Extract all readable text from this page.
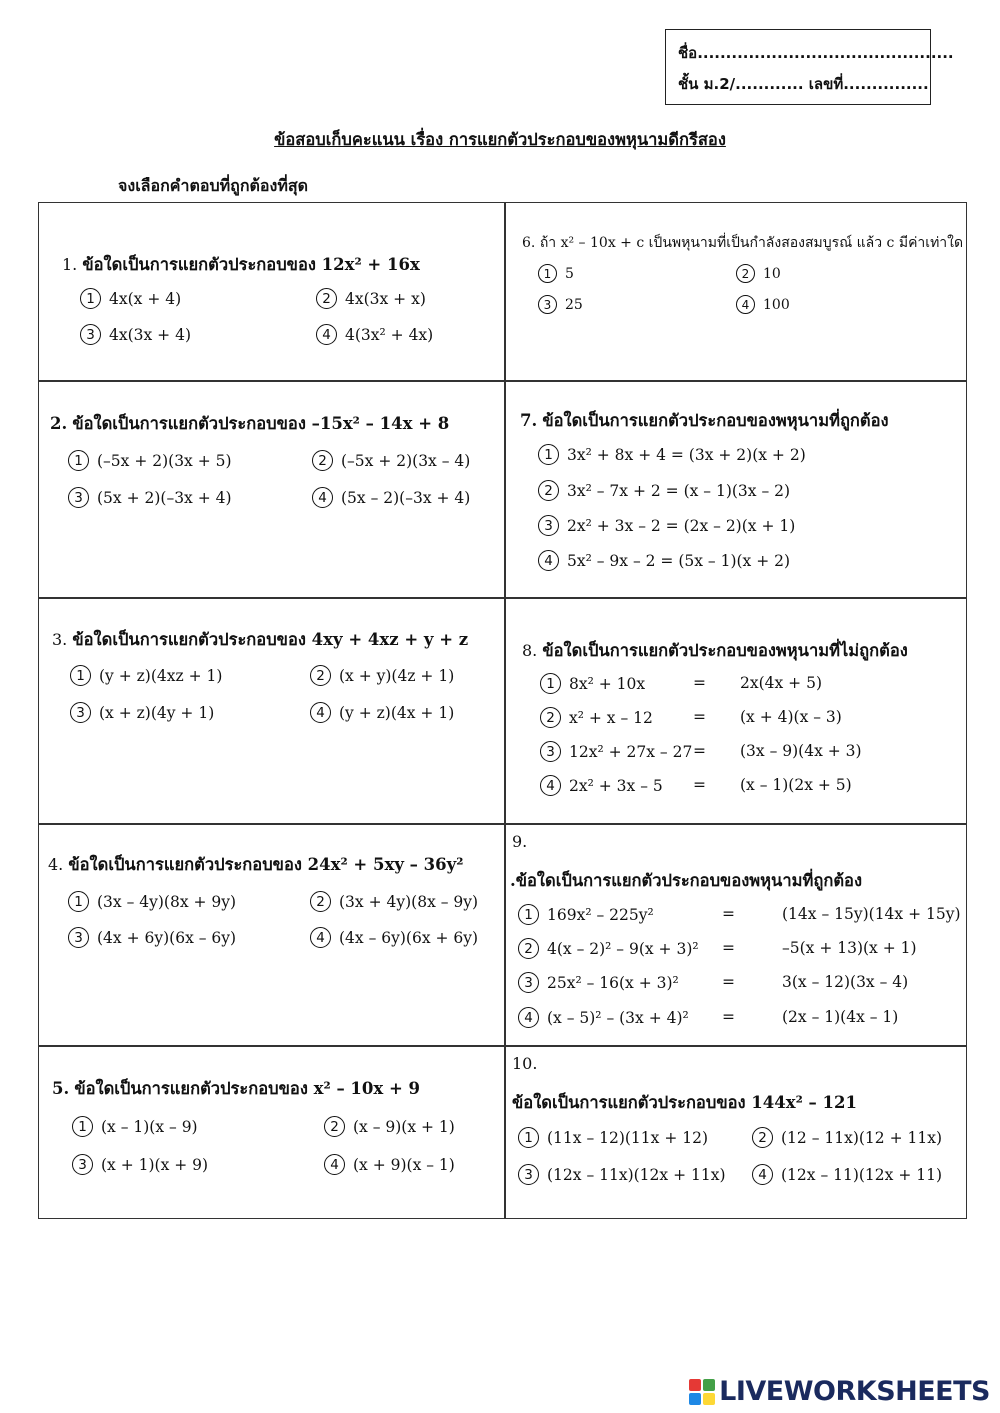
ชื่อ.............................................
ชั้น ม.2/............ เลขที่...............
ข้อสอบเก็บคะแนน เรื่อง การแยกตัวประกอบของพหุนามดีกรีสอง
จงเลือกคำตอบที่ถูกต้องที่สุด
1. ข้อใดเป็นการแยกตัวประกอบของ 12x² + 16x
1 4x(x + 4)	2 4x(3x + x)
3 4x(3x + 4)	4 4(3x² + 4x)
2. ข้อใดเป็นการแยกตัวประกอบของ –15x² – 14x + 8
1 (–5x + 2)(3x + 5)	2 (–5x + 2)(3x – 4)
3 (5x + 2)(–3x + 4)	4 (5x – 2)(–3x + 4)
3. ข้อใดเป็นการแยกตัวประกอบของ 4xy + 4xz + y + z
1 (y + z)(4xz + 1)	2 (x + y)(4z + 1)
3 (x + z)(4y + 1)	4 (y + z)(4x + 1)
4. ข้อใดเป็นการแยกตัวประกอบของ 24x² + 5xy – 36y²
1 (3x – 4y)(8x + 9y)	2 (3x + 4y)(8x – 9y)
3 (4x + 6y)(6x – 6y)	4 (4x – 6y)(6x + 6y)
5. ข้อใดเป็นการแยกตัวประกอบของ x² – 10x + 9
1 (x – 1)(x – 9)	2 (x – 9)(x + 1)
3 (x + 1)(x + 9)	4 (x + 9)(x – 1)
6. ถ้า x² – 10x + c เป็นพหุนามที่เป็นกำลังสองสมบูรณ์ แล้ว c มีค่าเท่าใด
1 5	2 10
3 25	4 100
7. ข้อใดเป็นการแยกตัวประกอบของพหุนามที่ถูกต้อง
1 3x² + 8x + 4 = (3x + 2)(x + 2)
2 3x² – 7x + 2 = (x – 1)(3x – 2)
3 2x² + 3x – 2 = (2x – 2)(x + 1)
4 5x² – 9x – 2 = (5x – 1)(x + 2)
8. ข้อใดเป็นการแยกตัวประกอบของพหุนามที่ไม่ถูกต้อง
1 8x² + 10x	= 2x(4x + 5)
2 x² + x – 12	= (x + 4)(x – 3)
3 12x² + 27x – 27 = (3x – 9)(4x + 3)
4 2x² + 3x – 5 = (x – 1)(2x + 5)
9.
.ข้อใดเป็นการแยกตัวประกอบของพหุนามที่ถูกต้อง
1 169x² – 225y²	=	(14x – 15y)(14x + 15y)
2 4(x – 2)² – 9(x + 3)² =	–5(x + 13)(x + 1)
3 25x² – 16(x + 3)²	=	3(x – 12)(3x – 4)
4 (x – 5)² – (3x + 4)² =	(2x – 1)(4x – 1)
10.
ข้อใดเป็นการแยกตัวประกอบของ 144x² – 121
1 (11x – 12)(11x + 12)	2 (12 – 11x)(12 + 11x)
3 (12x – 11x)(12x + 11x)	4 (12x – 11)(12x + 11)
LIVEWORKSHEETS
